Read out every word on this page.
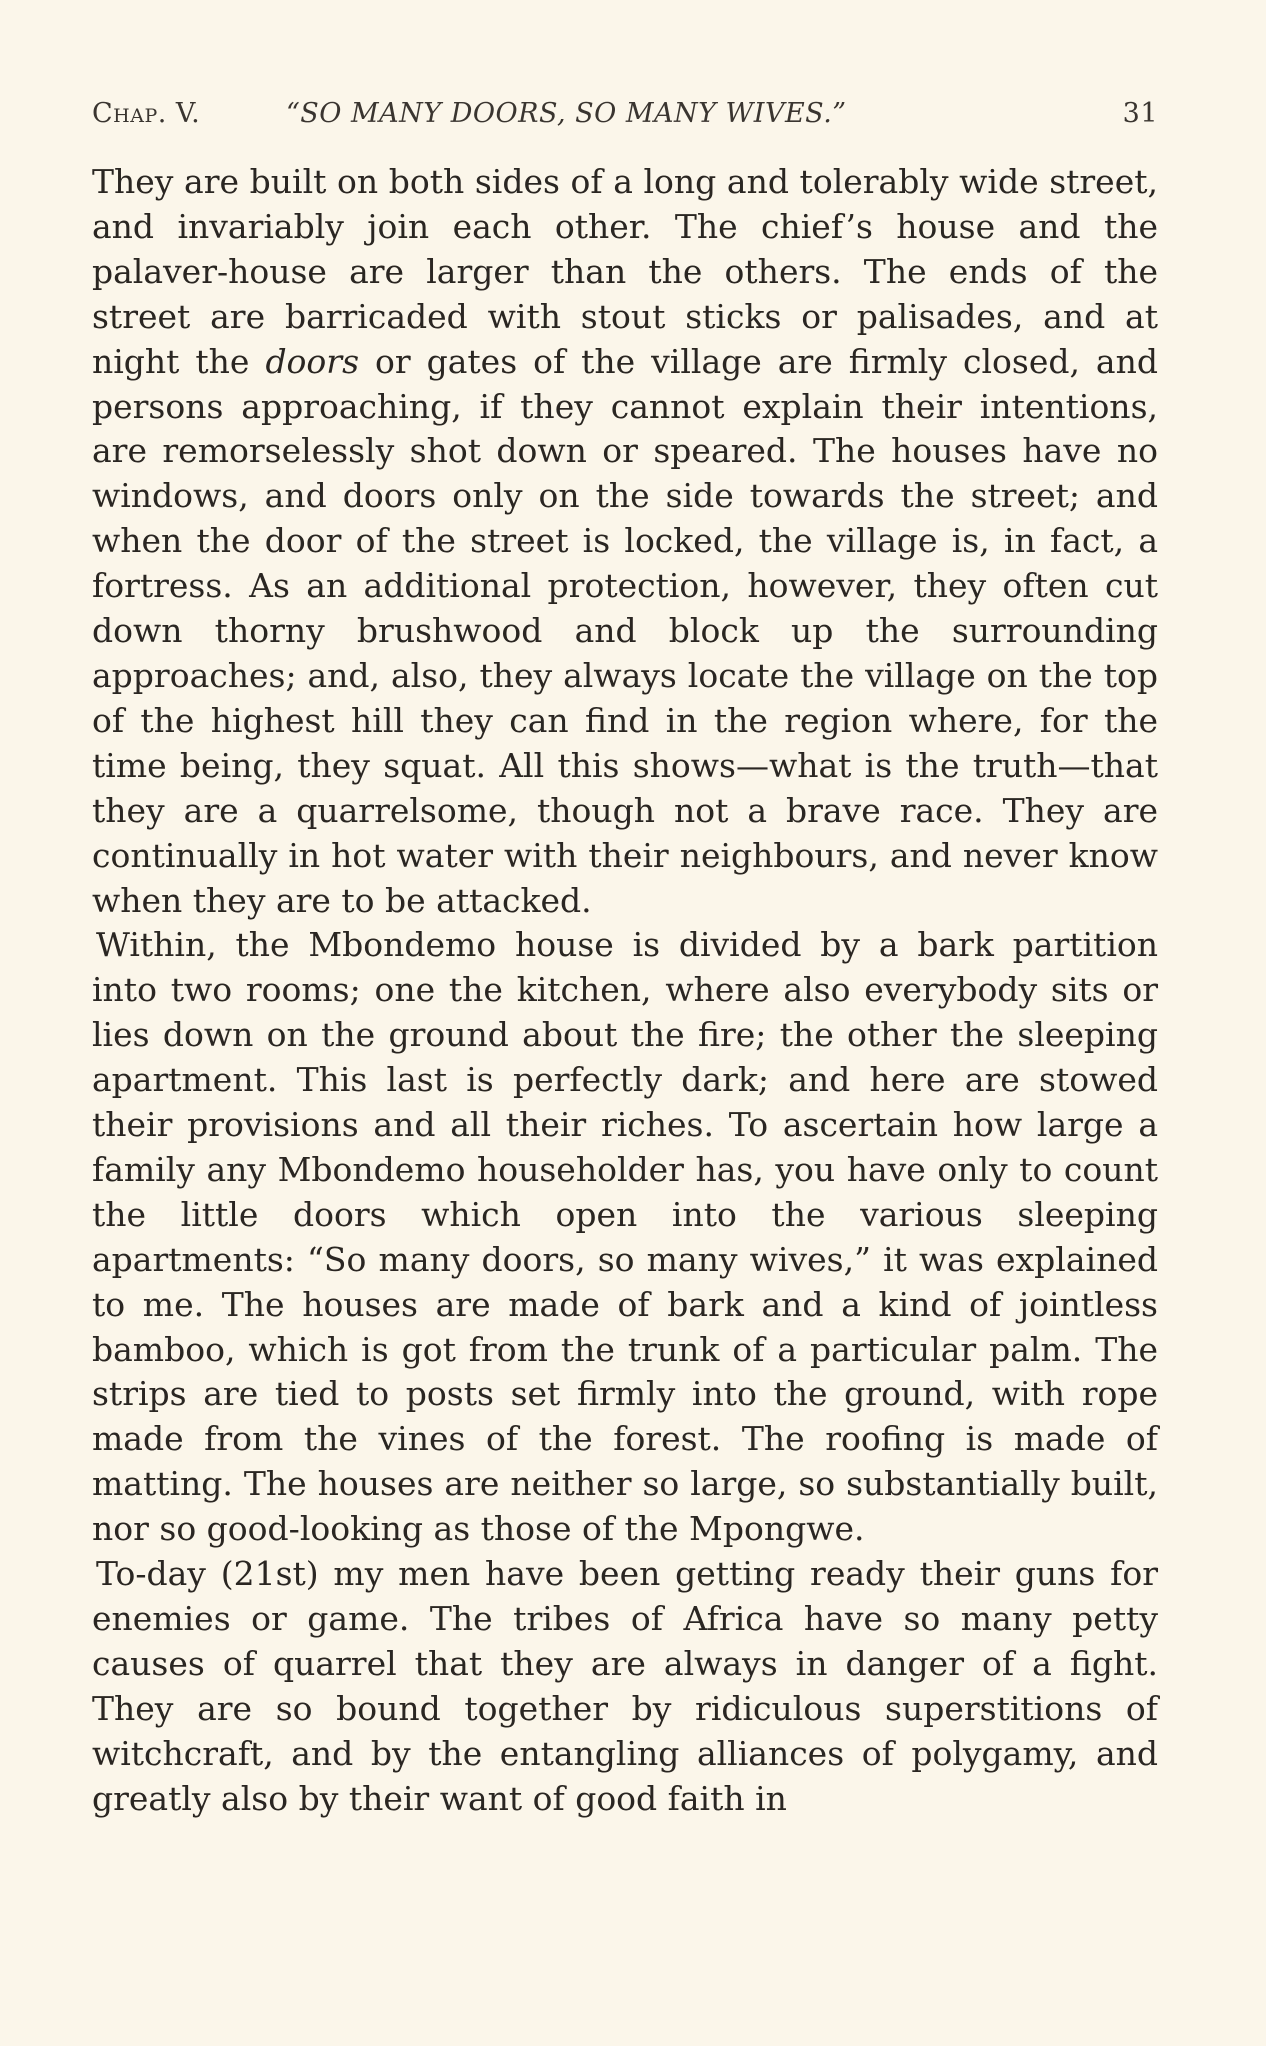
Chap. V.	“SO MANY DOORS, SO MANY WIVES.”	31

They are built on both sides of a long and tolerably wide street, and invariably join each other. The chief’s house and the palaver-house are larger than the others. The ends of the street are barricaded with stout sticks or palisades, and at night the doors or gates of the village are firmly closed, and persons approaching, if they cannot explain their intentions, are remorselessly shot down or speared. The houses have no windows, and doors only on the side towards the street; and when the door of the street is locked, the village is, in fact, a fortress. As an additional protection, however, they often cut down thorny brushwood and block up the surrounding approaches; and, also, they always locate the village on the top of the highest hill they can find in the region where, for the time being, they squat. All this shows—what is the truth—that they are a quarrelsome, though not a brave race. They are continually in hot water with their neighbours, and never know when they are to be attacked.

Within, the Mbondemo house is divided by a bark partition into two rooms; one the kitchen, where also everybody sits or lies down on the ground about the fire; the other the sleeping apartment. This last is perfectly dark; and here are stowed their provisions and all their riches. To ascertain how large a family any Mbondemo householder has, you have only to count the little doors which open into the various sleeping apartments: “So many doors, so many wives,” it was explained to me. The houses are made of bark and a kind of jointless bamboo, which is got from the trunk of a particular palm. The strips are tied to posts set firmly into the ground, with rope made from the vines of the forest. The roofing is made of matting. The houses are neither so large, so substantially built, nor so good-looking as those of the Mpongwe.

To-day (21st) my men have been getting ready their guns for enemies or game. The tribes of Africa have so many petty causes of quarrel that they are always in danger of a fight. They are so bound together by ridiculous superstitions of witchcraft, and by the entangling alliances of polygamy, and greatly also by their want of good faith in
